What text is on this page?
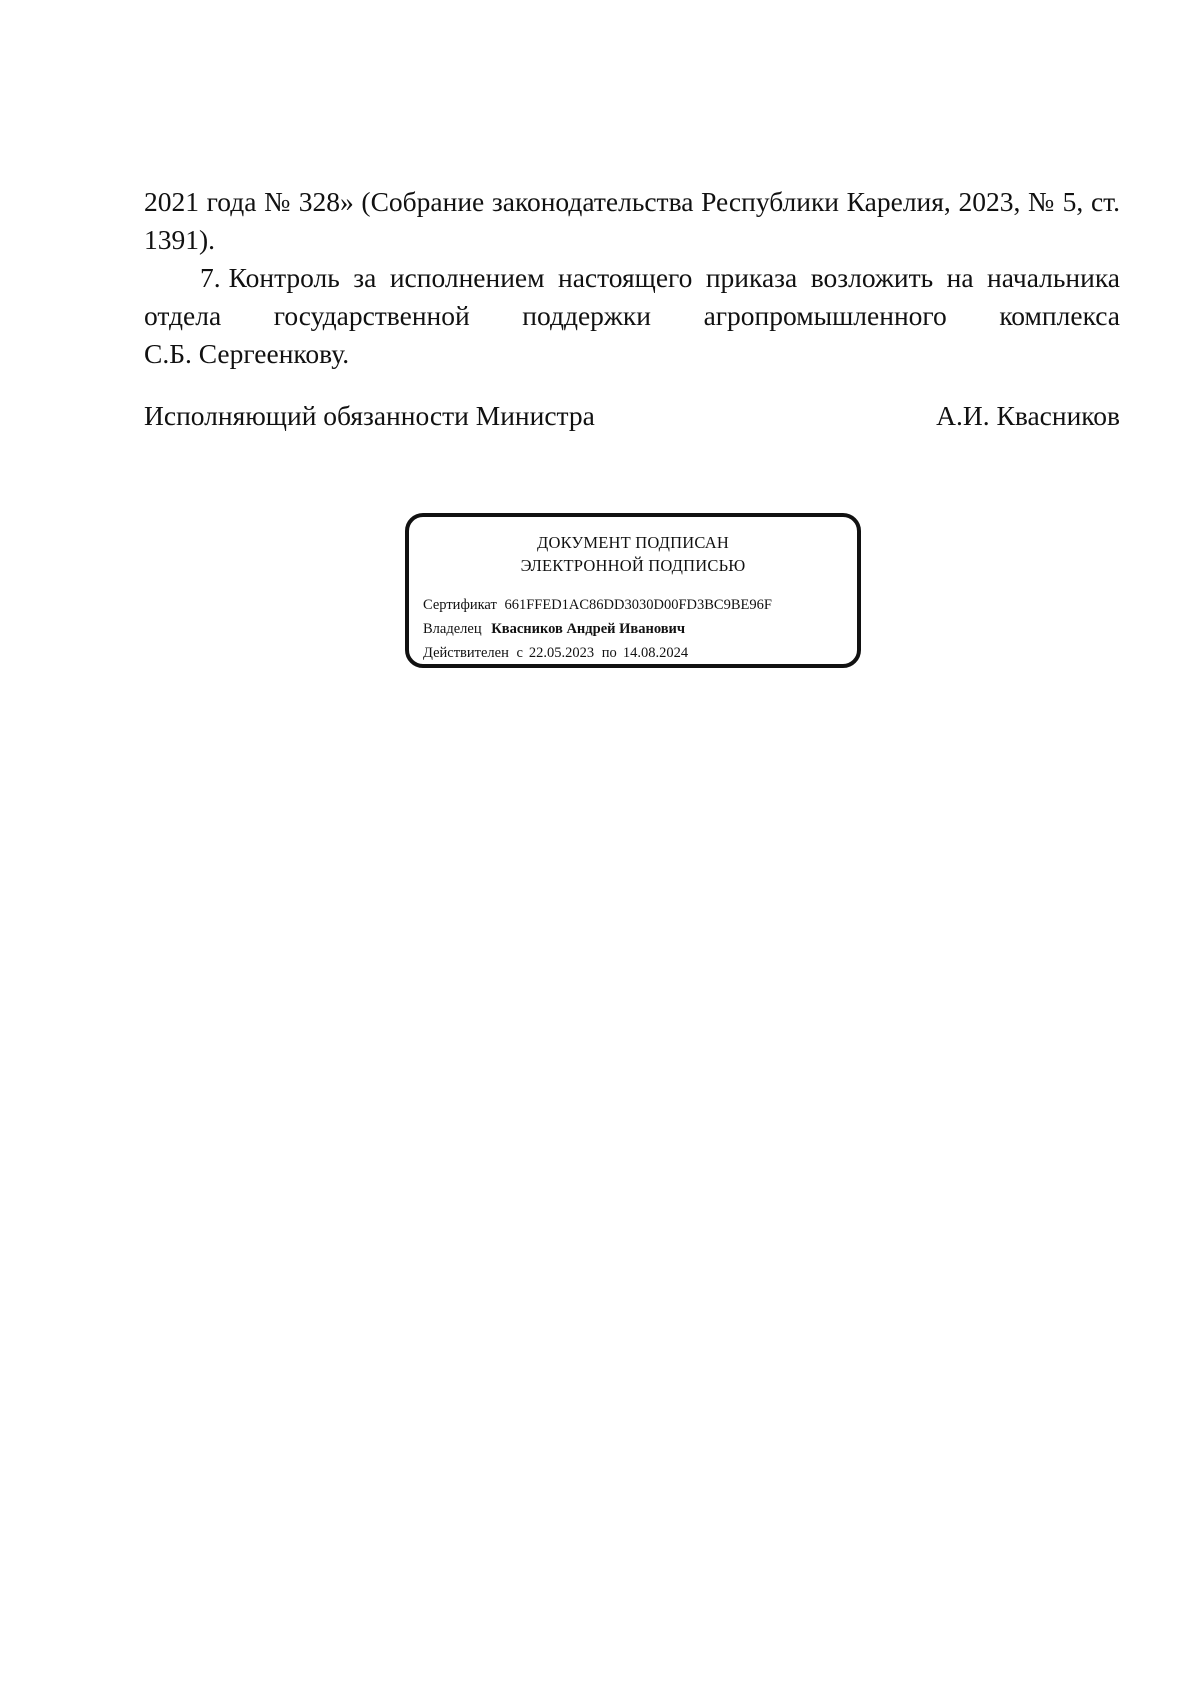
2021 года № 328» (Собрание законодательства Республики Карелия, 2023, № 5, ст. 1391).
7. Контроль за исполнением настоящего приказа возложить на начальника отдела государственной поддержки агропромышленного комплекса
С.Б. Сергеенкову.
Исполняющий обязанности Министра	А.И. Квасников
ДОКУМЕНТ ПОДПИСАН
ЭЛЕКТРОННОЙ ПОДПИСЬЮ
Сертификат 661FFED1AC86DD3030D00FD3BC9BE96F
Владелец Квасников Андрей Иванович
Действителен с 22.05.2023 по 14.08.2024
